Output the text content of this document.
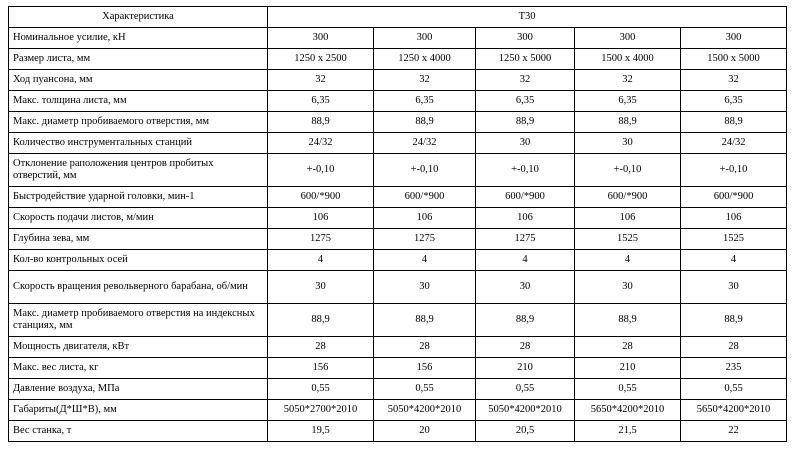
Характеристика	Т30				
Номинальное усилие, кН	300	300	300	300	300
Размер листа, мм	1250 x 2500	1250 x 4000	1250 x 5000	1500 x 4000	1500 x 5000
Ход пуансона, мм	32	32	32	32	32
Макс. толщина листа, мм	6,35	6,35	6,35	6,35	6,35
Макс. диаметр пробиваемого отверстия, мм	88,9	88,9	88,9	88,9	88,9
Количество инструментальных станций	24/32	24/32	30	30	24/32
Отклонение раположения центров пробитых отверстий, мм	+-0,10	+-0,10	+-0,10	+-0,10	+-0,10
Быстродействие ударной головки, мин-1	600/*900	600/*900	600/*900	600/*900	600/*900
Скорость подачи листов, м/мин	106	106	106	106	106
Глубина зева, мм	1275	1275	1275	1525	1525
Кол-во контрольных осей	4	4	4	4	4
Скорость вращения револьверного барабана, об/мин	30	30	30	30	30
Макс. диаметр пробиваемого отверстия на индексных станциях, мм	88,9	88,9	88,9	88,9	88,9
Мощность двигателя, кВт	28	28	28	28	28
Макс. вес листа, кг	156	156	210	210	235
Давление воздуха, МПа	0,55	0,55	0,55	0,55	0,55
Габариты(Д*Ш*В), мм	5050*2700*2010	5050*4200*2010	5050*4200*2010	5650*4200*2010	5650*4200*2010
Вес станка, т	19,5	20	20,5	21,5	22
